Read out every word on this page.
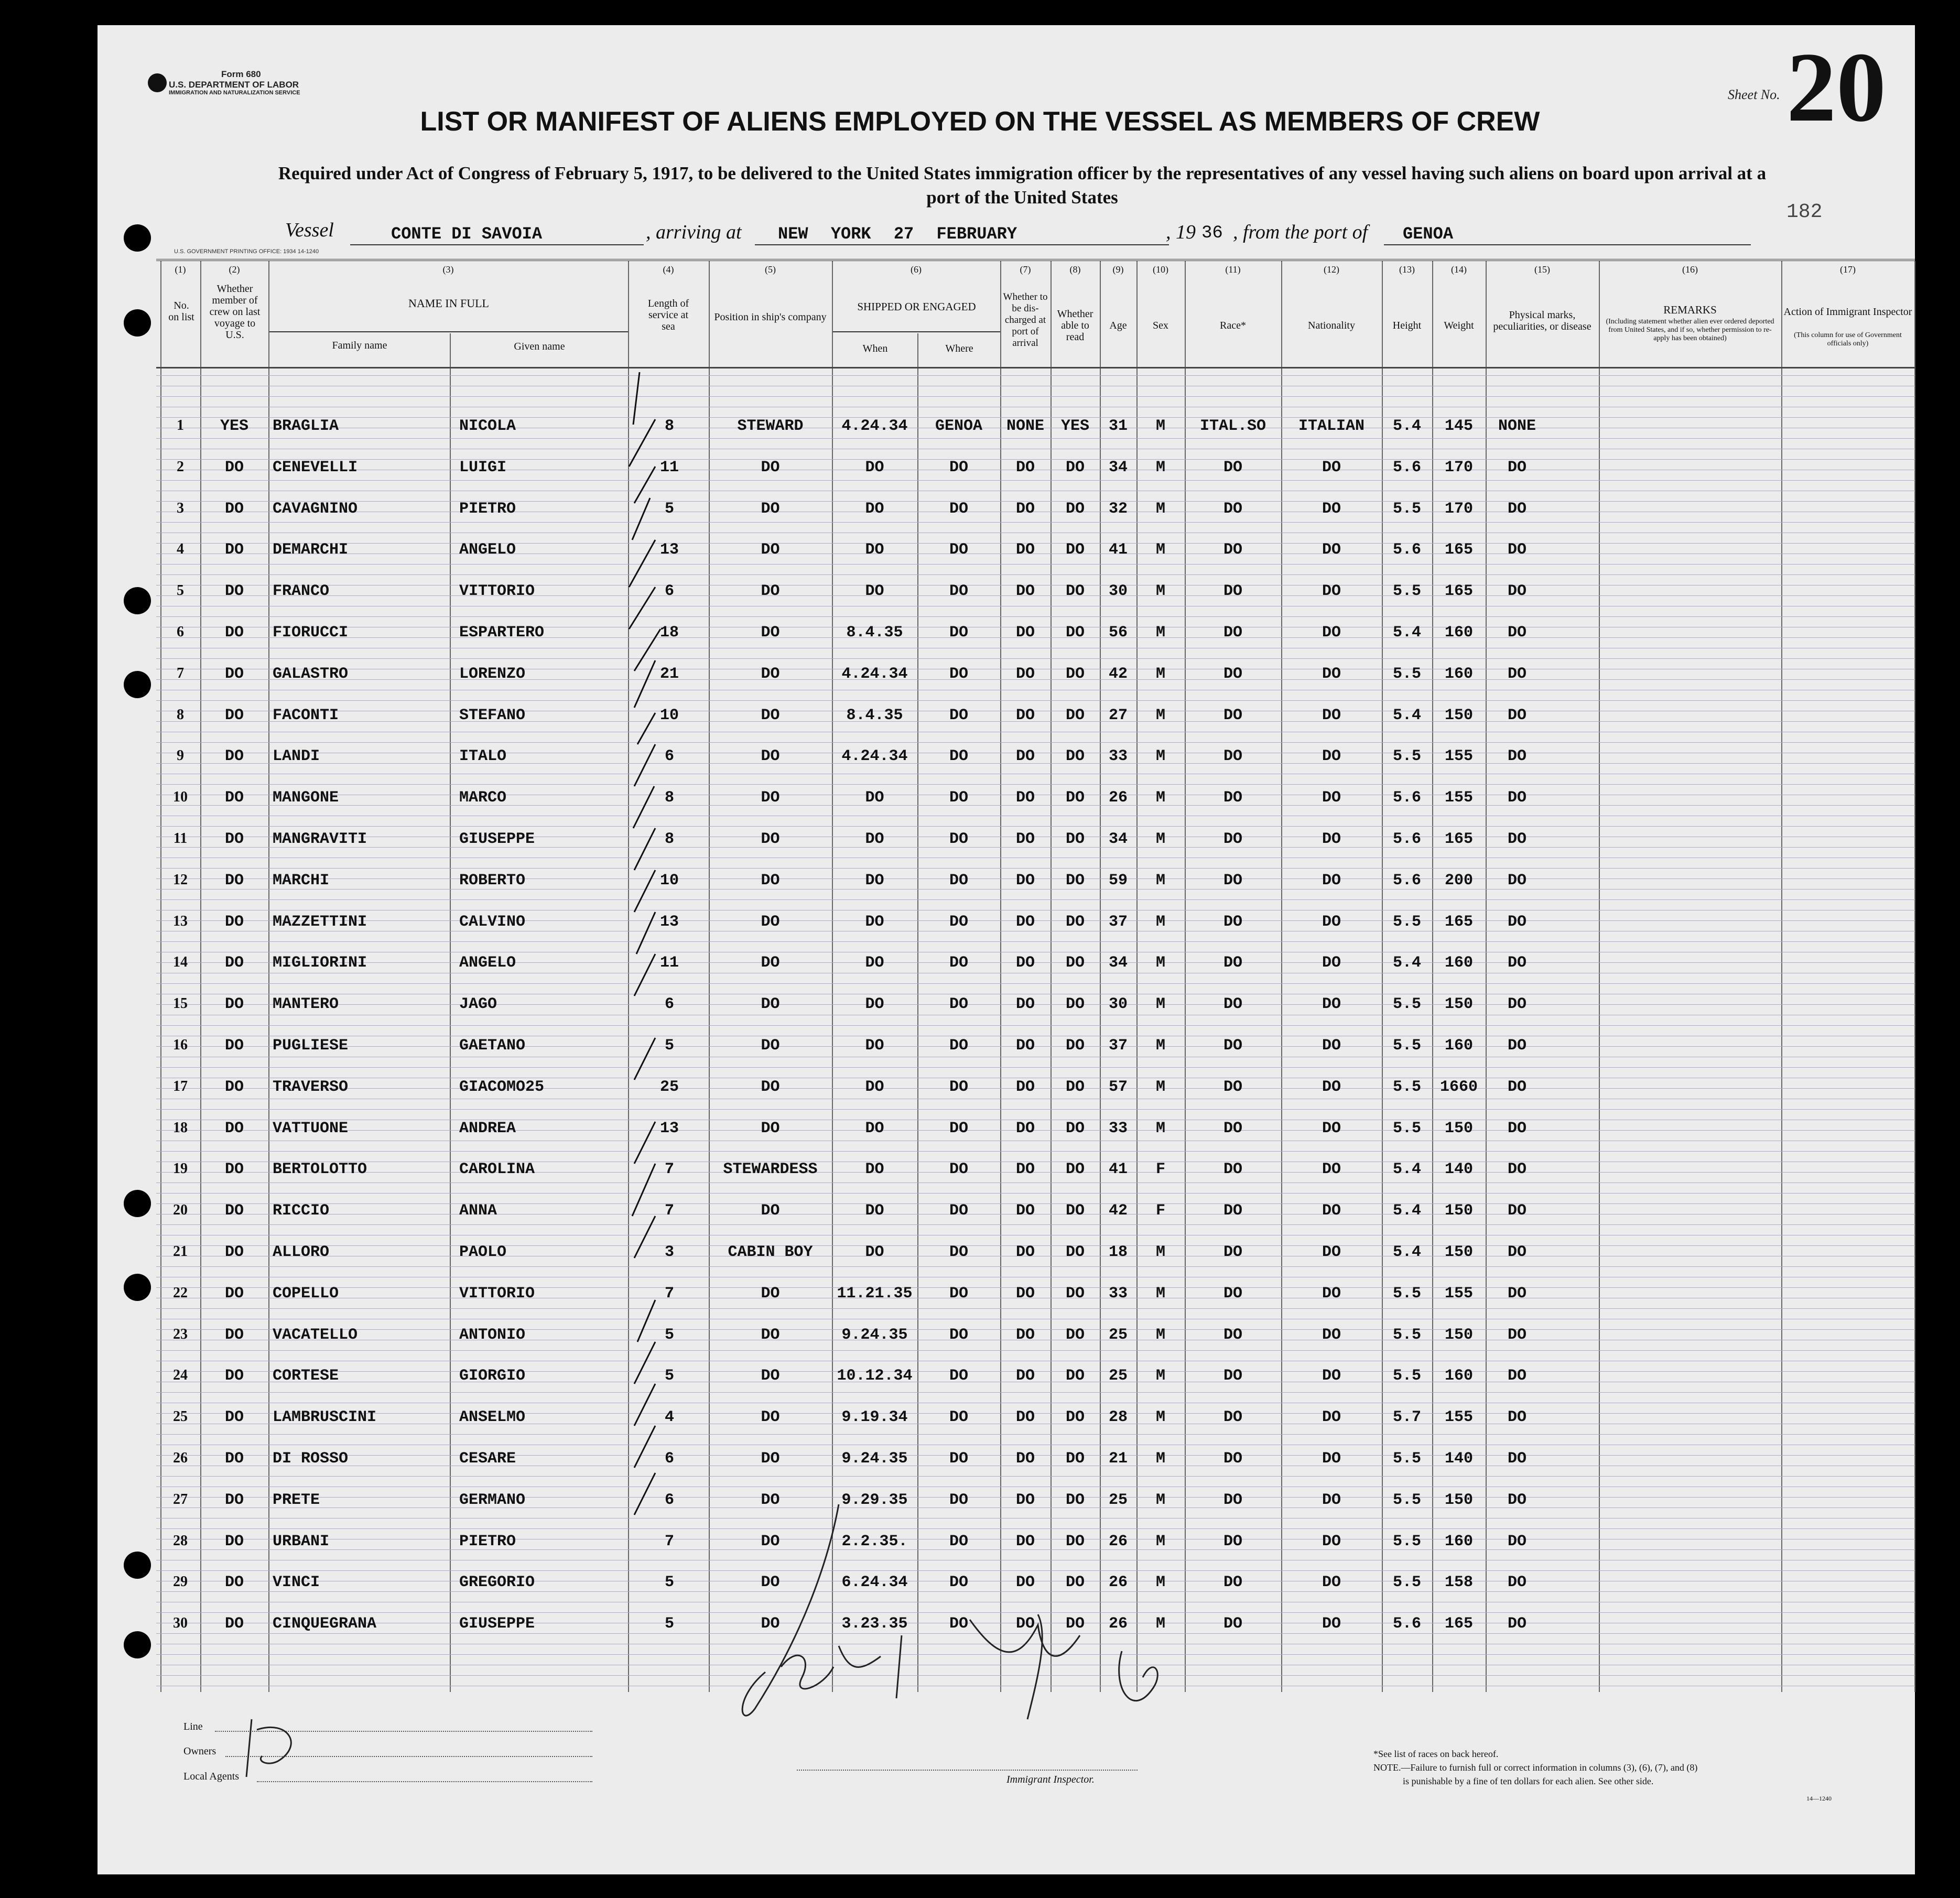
Form 680
U.S. DEPARTMENT OF LABOR
IMMIGRATION AND NATURALIZATION SERVICE	Sheet No. 20
182
LIST OR MANIFEST OF ALIENS EMPLOYED ON THE VESSEL AS MEMBERS OF CREW
Required under Act of Congress of February 5, 1917, to be delivered to the United States immigration officer by the representatives of any vessel having such aliens on board upon arrival at a
port of the United States
Vessel	CONTE DI SAVOIA	, arriving at NEW YORK 27 FEBRUARY	, 19 36 , from the port of GENOA
U.S. GOVERNMENT PRINTING OFFICE: 1934 14-1240
(1)	(2)	(3)	(4)	(5)	(6)	(7)	(8)	(9)	(10)	(11)	(12)	(13)	(14)	(15)	(16)	(17)
No. on list
Whether member of crew on last voyage to U.S.
NAME IN FULL
Family name	Given name
Length of service at sea
Position in ship's company
SHIPPED OR ENGAGED
When	Where
Whether to be dis-charged at port of arrival
Whether able to read
Age	Sex	Race*	Nationality	Height	Weight
Physical marks, peculiarities, or disease
REMARKS
(Including statement whether alien ever ordered deported from United States, and if so, whether permission to re-apply has been obtained)
Action of Immigrant Inspector
(This column for use of Government officials only)
1	YES	BRAGLIA	NICOLA	8	STEWARD	4.24.34	GENOA	NONE	YES	31	M	ITAL.SO	ITALIAN	5.4	145	NONE
2	DO	CENEVELLI	LUIGI	11	DO	DO	DO	DO	DO	34	M	DO	DO	5.6	170	DO
3	DO	CAVAGNINO	PIETRO	5	DO	DO	DO	DO	DO	32	M	DO	DO	5.5	170	DO
4	DO	DEMARCHI	ANGELO	13	DO	DO	DO	DO	DO	41	M	DO	DO	5.6	165	DO
5	DO	FRANCO	VITTORIO	6	DO	DO	DO	DO	DO	30	M	DO	DO	5.5	165	DO
6	DO	FIORUCCI	ESPARTERO	18	DO	8.4.35	DO	DO	DO	56	M	DO	DO	5.4	160	DO
7	DO	GALASTRO	LORENZO	21	DO	4.24.34	DO	DO	DO	42	M	DO	DO	5.5	160	DO
8	DO	FACONTI	STEFANO	10	DO	8.4.35	DO	DO	DO	27	M	DO	DO	5.4	150	DO
9	DO	LANDI	ITALO	6	DO	4.24.34	DO	DO	DO	33	M	DO	DO	5.5	155	DO
10	DO	MANGONE	MARCO	8	DO	DO	DO	DO	DO	26	M	DO	DO	5.6	155	DO
11	DO	MANGRAVITI	GIUSEPPE	8	DO	DO	DO	DO	DO	34	M	DO	DO	5.6	165	DO
12	DO	MARCHI	ROBERTO	10	DO	DO	DO	DO	DO	59	M	DO	DO	5.6	200	DO
13	DO	MAZZETTINI	CALVINO	13	DO	DO	DO	DO	DO	37	M	DO	DO	5.5	165	DO
14	DO	MIGLIORINI	ANGELO	11	DO	DO	DO	DO	DO	34	M	DO	DO	5.4	160	DO
15	DO	MANTERO	JAGO	6	DO	DO	DO	DO	DO	30	M	DO	DO	5.5	150	DO
16	DO	PUGLIESE	GAETANO	5	DO	DO	DO	DO	DO	37	M	DO	DO	5.5	160	DO
17	DO	TRAVERSO	GIACOMO25	25	DO	DO	DO	DO	DO	57	M	DO	DO	5.5	1660	DO
18	DO	VATTUONE	ANDREA	13	DO	DO	DO	DO	DO	33	M	DO	DO	5.5	150	DO
19	DO	BERTOLOTTO	CAROLINA	7	STEWARDESS	DO	DO	DO	DO	41	F	DO	DO	5.4	140	DO
20	DO	RICCIO	ANNA	7	DO	DO	DO	DO	DO	42	F	DO	DO	5.4	150	DO
21	DO	ALLORO	PAOLO	3	CABIN BOY	DO	DO	DO	DO	18	M	DO	DO	5.4	150	DO
22	DO	COPELLO	VITTORIO	7	DO	11.21.35	DO	DO	DO	33	M	DO	DO	5.5	155	DO
23	DO	VACATELLO	ANTONIO	5	DO	9.24.35	DO	DO	DO	25	M	DO	DO	5.5	150	DO
24	DO	CORTESE	GIORGIO	5	DO	10.12.34	DO	DO	DO	25	M	DO	DO	5.5	160	DO
25	DO	LAMBRUSCINI	ANSELMO	4	DO	9.19.34	DO	DO	DO	28	M	DO	DO	5.7	155	DO
26	DO	DI ROSSO	CESARE	6	DO	9.24.35	DO	DO	DO	21	M	DO	DO	5.5	140	DO
27	DO	PRETE	GERMANO	6	DO	9.29.35	DO	DO	DO	25	M	DO	DO	5.5	150	DO
28	DO	URBANI	PIETRO	7	DO	2.2.35.	DO	DO	DO	26	M	DO	DO	5.5	160	DO
29	DO	VINCI	GREGORIO	5	DO	6.24.34	DO	DO	DO	26	M	DO	DO	5.5	158	DO
30	DO	CINQUEGRANA	GIUSEPPE	5	DO	3.23.35	DO	DO	DO	26	M	DO	DO	5.6	165	DO
Line
Owners
Local Agents	Immigrant Inspector.
*See list of races on back hereof.
NOTE.—Failure to furnish full or correct information in columns (3), (6), (7), and (8)
is punishable by a fine of ten dollars for each alien. See other side.
14—1240
